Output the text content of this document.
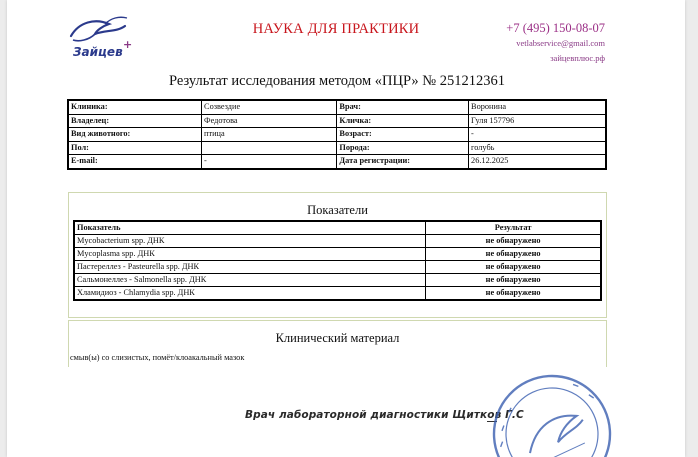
Зайцев
+
НАУКА ДЛЯ ПРАКТИКИ	+7 (495) 150-08-07
vetlabservice@gmail.com
зайцевплюс.рф
Результат исследования методом «ПЦР» № 251212361
Клиника:	Созвездие	Врач:	Воронина
Владелец:	Федотова	Кличка:	Гуля 157796
Вид животного:	птица	Возраст:	-
Пол:		Порода:	голубь
E-mail:	-	Дата регистрации:	26.12.2025
Показатели
Показатель	Результат
Mycobacterium spp. ДНК	не обнаружено
Mycoplasma spp. ДНК	не обнаружено
Пастереллез - Pasteurella spp. ДНК	не обнаружено
Сальмонеллез - Salmonella spp. ДНК	не обнаружено
Хламидиоз - Chlamydia spp. ДНК	не обнаружено
Клинический материал
смыв(ы) со слизистых, помёт/клоакальный мазок
Врач лабораторной диагностики Щитков Г.С
